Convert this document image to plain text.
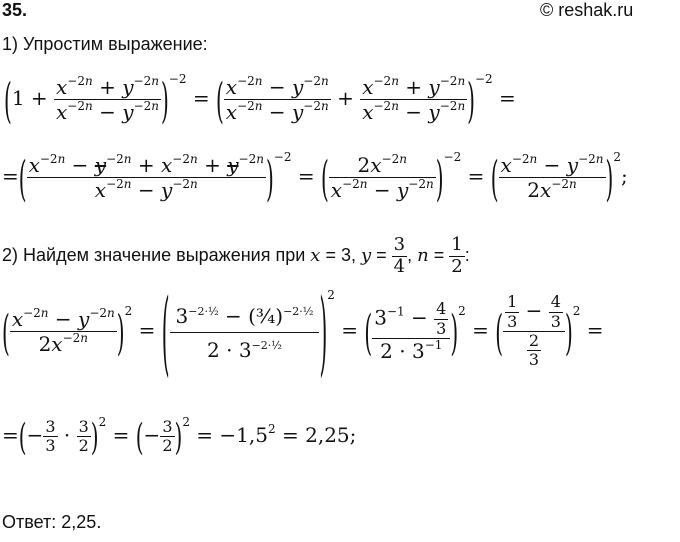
35.	© reshak.ru
1) Упростим выражение:
$(1 + \frac{x^{-2n} + y^{-2n}}{x^{-2n} - y^{-2n}} )^{-2}$ = ( $\frac{x^{-2n} - y^{-2n}}{x^{-2n} - y^{-2n}} + \frac{x^{-2n} + y^{-2n}}{x^{-2n} - y^{-2n}} )^{-2}$ =
=( $\frac{x^{-2n} - y^{-2n} + x^{-2n} + y^{-2n}}{x^{-2n} - y^{-2n}} )^{-2}$ = ( $\frac{2x^{-2n}}{x^{-2n} - y^{-2n}} )^{-2}$ = ( $\frac{x^{-2n} - y^{-2n}}{2x^{-2n}} )^2$;
2) Найдем значение выражения при x = 3, $y = \frac{3}{4}$ , $n = \frac{1}{2}$ :
( $\frac{x^{-2n} - y^{-2n}}{2x^{-2n}} )^2$ = ( $\frac{3^{-2\cdot\frac{1}{2}} - (\frac{3}{4})^{-2\cdot\frac{1}{2}}}{2 \cdot 3^{-2\cdot\frac{1}{2}}} )^2$ = ( $\frac{3^{-1} - \frac{4}{3}}{2 \cdot 3^{-1}} )^2$ = ( $\frac{\frac{1}{3} - \frac{4}{3}}{\frac{2}{3}} )^2$ =
=(− $\frac{3}{3} \cdot \frac{3}{2} )^2$ = (− $\frac{3}{2} )^2 = -1,5^2 = 2,25$;
Ответ: 2,25.
